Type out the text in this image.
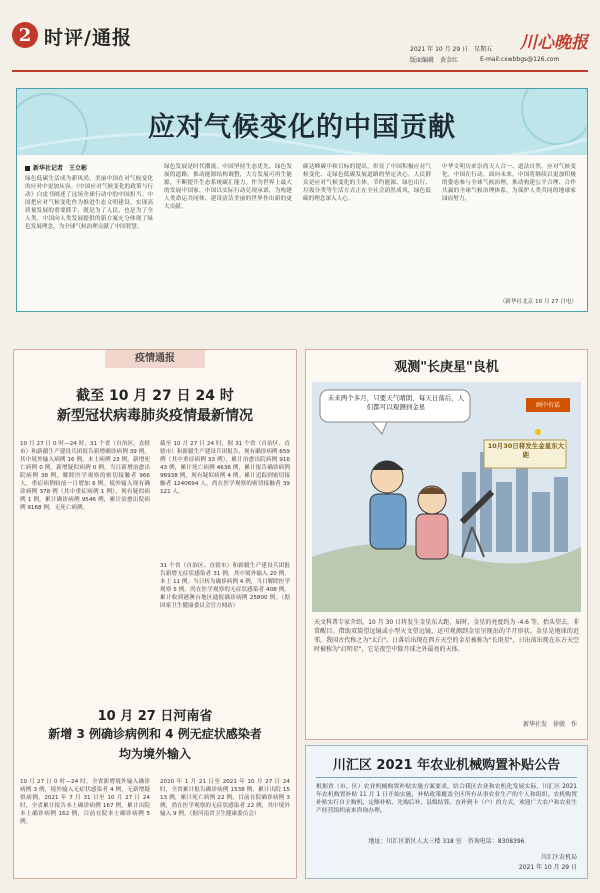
2 时评/通报
2021 年 10 月 29 日　星期五
版面编辑　黄金红
川心晚报
E-mail:cxwbbgs@126.com
应对气候变化的中国贡献
新华社记者　王立彬
绿色低碳生活成为新风尚，美丽中国在对气候变化的应对中更加从容。《中国应对气候变化的政策与行动》白皮书阐述了这场全球行动中的中国担当。中国把应对气候变化作为推进生态文明建设、实现高质量发展的重要抓手，既是为了人民，也是为了全人类。中国向人类发展提供的新方案充分体现了绿色发展理念，为全球气候治理贡献了中国智慧。
绿色发展是时代潮流。中国坚持生态优先、绿色发展的道路，推动能源结构调整，大力发展可再生能源，不断提升生态系统碳汇能力。作为世界上最大的发展中国家，中国以实际行动兑现承诺，为构建人类命运共同体、建设清洁美丽的世界作出新的更大贡献。
碳达峰碳中和目标的提出，彰显了中国积极应对气候变化、走绿色低碳发展道路的坚定决心。人民群众是应对气候变化的主体，节约能源、绿色出行、垃圾分类等生活方式正在全社会蔚然成风，绿色低碳的理念深入人心。
中华文明历来崇尚天人合一、道法自然。应对气候变化，中国在行动。面向未来，中国将继续以更加积极的姿态参与全球气候治理，推动构建公平合理、合作共赢的全球气候治理体系，为保护人类共同的地球家园而努力。
（新华社北京 10 月 27 日电）
疫情通报
截至 10 月 27 日 24 时
新型冠状病毒肺炎疫情最新情况
10 月 27 日 0 时—24 时，31 个省（自治区、直辖市）和新疆生产建设兵团报告新增确诊病例 39 例。其中境外输入病例 16 例，本土病例 23 例。新增死亡病例 0 例。新增疑似病例 0 例。当日新增治愈出院病例 38 例，解除医学观察的密切接触者 966 人，重症病例较前一日增加 6 例。境外输入现有确诊病例 378 例（其中重症病例 1 例），现有疑似病例 1 例。累计确诊病例 9546 例，累计治愈出院病例 9168 例，无死亡病例。
截至 10 月 27 日 24 时，据 31 个省（自治区、直辖市）和新疆生产建设兵团报告，现有确诊病例 659 例（其中重症病例 33 例），累计治愈出院病例 91643 例，累计死亡病例 4636 例，累计报告确诊病例 96938 例，现有疑似病例 4 例。累计追踪到密切接触者 1240694 人，尚在医学观察的密切接触者 39121 人。
31 个省（自治区、直辖市）和新疆生产建设兵团报告新增无症状感染者 31 例，其中境外输入 20 例，本土 11 例。当日转为确诊病例 4 例，当日解除医学观察 5 例。尚在医学观察的无症状感染者 408 例。累计收到港澳台地区通报确诊病例 25800 例。（据国家卫生健康委员会官方网站）
10 月 27 日河南省
新增 3 例确诊病例和 4 例无症状感染者
均为境外输入
10 月 27 日 0 时—24 时，全省新增境外输入确诊病例 3 例，境外输入无症状感染者 4 例，无新增疑似病例。2021 年 7 月 31 日至 10 月 27 日 24 时，全省累计报告本土确诊病例 167 例，累计出院本土确诊病例 162 例，目前在院本土确诊病例 5 例。
2020 年 1 月 21 日至 2021 年 10 月 27 日 24 时，全省累计报告确诊病例 1538 例，累计出院 1513 例，累计死亡病例 22 例，目前在院确诊病例 3 例，尚在医学观察的无症状感染者 22 例，其中境外输入 9 例。（据河南省卫生健康委员会）
观测"长庚星"良机
未来两个多月，只要天气晴朗，每天日落后，人们都可以观测到金星	画中有话
10月30日将发生金星东大距
天文科普专家介绍，10 月 30 日将发生金星东大距，届时，金星的亮度约为 -4.6 等，抬头望去，非常醒目。借助双筒望远镜或小型天文望远镜，还可观测到金星呈现出的半月形状。金星是地球的近邻，我国古代称之为"太白"。日落后出现在西方天空的金星被称为"长庚星"，日出前出现在东方天空时被称为"启明星"，它是夜空中除月球之外最亮的天体。
新华社发　徐骏　作
川汇区 2021 年农业机械购置补贴公告
根据省（市、区）农业机械购置补贴实施方案要求，结合我区农业和农机化发展实际，川汇区 2021 年农机购置补贴 11 月 1 日开始实施，补贴政策覆盖全区所有从事农业生产的个人和组织。农机购置补贴实行自主购机、定额补贴、先购后补、县级结算、直补到卡（户）的方式，欢迎广大农户和农业生产经营组织前来咨询办理。
地址：川汇区新区人大三楼 318 室　咨询电话：8308396
川汇区农机局
2021 年 10 月 29 日
